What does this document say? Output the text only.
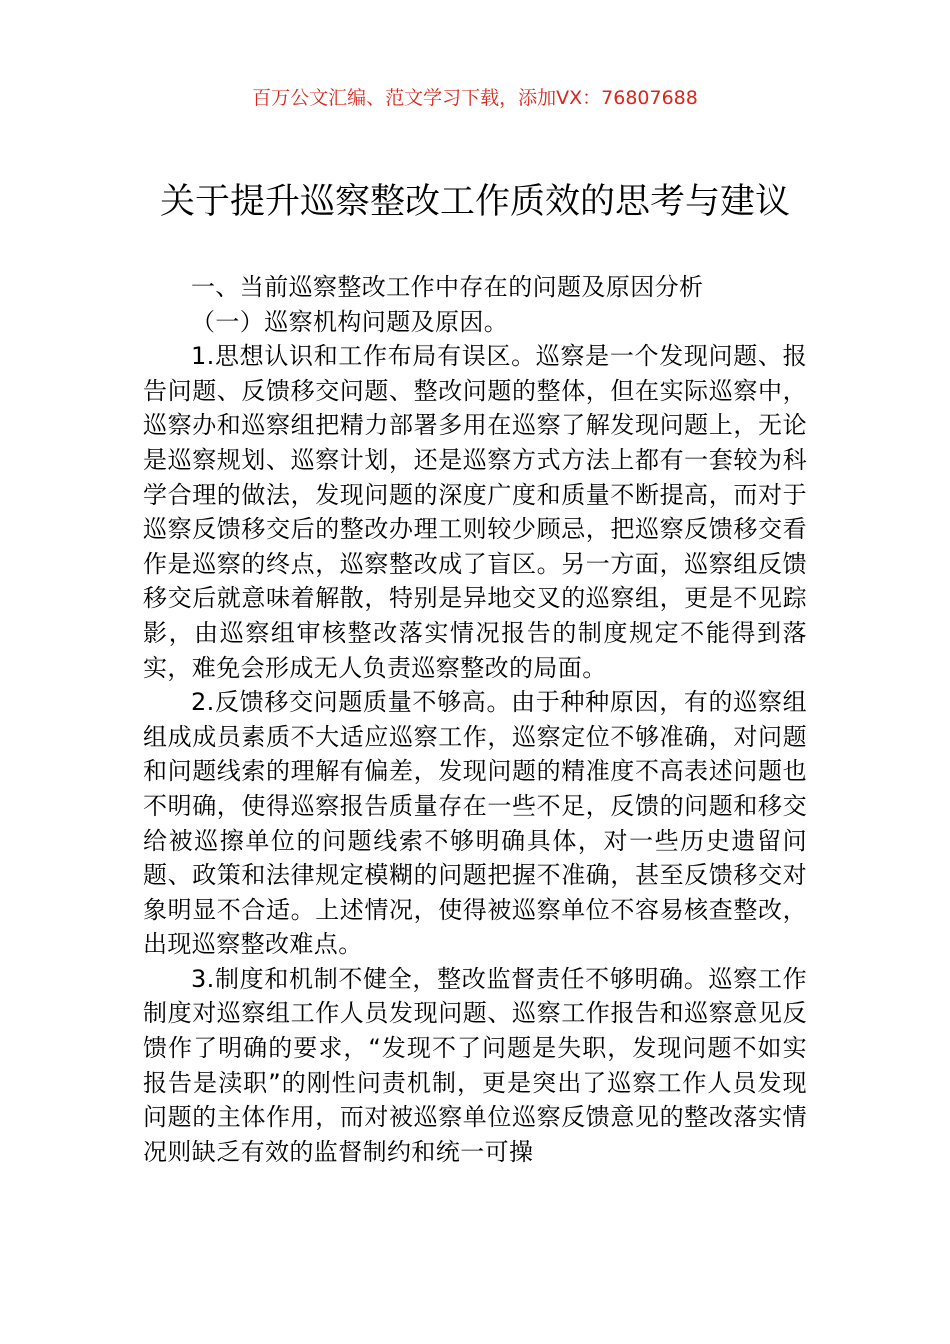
百万公文汇编、范文学习下载，添加VX：76807688
关于提升巡察整改工作质效的思考与建议

一、当前巡察整改工作中存在的问题及原因分析

（一）巡察机构问题及原因。

1.思想认识和工作布局有误区。巡察是一个发现问题、报告问题、反馈移交问题、整改问题的整体，但在实际巡察中，巡察办和巡察组把精力部署多用在巡察了解发现问题上，无论是巡察规划、巡察计划，还是巡察方式方法上都有一套较为科学合理的做法，发现问题的深度广度和质量不断提高，而对于巡察反馈移交后的整改办理工则较少顾忌，把巡察反馈移交看作是巡察的终点，巡察整改成了盲区。另一方面，巡察组反馈移交后就意味着解散，特别是异地交叉的巡察组，更是不见踪影，由巡察组审核整改落实情况报告的制度规定不能得到落实，难免会形成无人负责巡察整改的局面。

2.反馈移交问题质量不够高。由于种种原因，有的巡察组组成成员素质不大适应巡察工作，巡察定位不够准确，对问题和问题线索的理解有偏差，发现问题的精准度不高表述问题也不明确，使得巡察报告质量存在一些不足，反馈的问题和移交给被巡擦单位的问题线索不够明确具体，对一些历史遗留问题、政策和法律规定模糊的问题把握不准确，甚至反馈移交对象明显不合适。上述情况，使得被巡察单位不容易核查整改，出现巡察整改难点。

3.制度和机制不健全，整改监督责任不够明确。巡察工作制度对巡察组工作人员发现问题、巡察工作报告和巡察意见反馈作了明确的要求，“发现不了问题是失职，发现问题不如实报告是渎职”的刚性问责机制，更是突出了巡察工作人员发现问题的主体作用，而对被巡察单位巡察反馈意见的整改落实情况则缺乏有效的监督制约和统一可操
